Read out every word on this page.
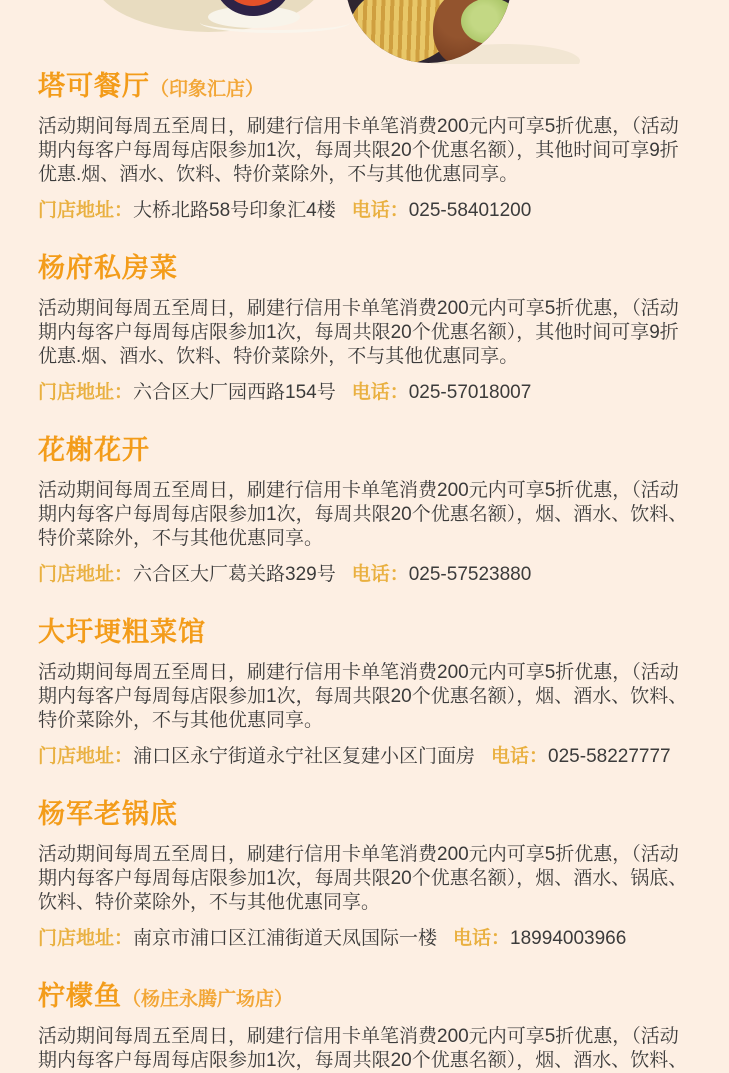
塔可餐厅（印象汇店）

活动期间每周五至周日，刷建行信用卡单笔消费200元内可享5折优惠，（活动期内每客户每周每店限参加1次，每周共限20个优惠名额），其他时间可享9折优惠.烟、酒水、饮料、特价菜除外，不与其他优惠同享。

门店地址：大桥北路58号印象汇4楼 电话：025-58401200

杨府私房菜

活动期间每周五至周日，刷建行信用卡单笔消费200元内可享5折优惠，（活动期内每客户每周每店限参加1次，每周共限20个优惠名额），其他时间可享9折优惠.烟、酒水、饮料、特价菜除外，不与其他优惠同享。

门店地址：六合区大厂园西路154号 电话：025-57018007

花榭花开

活动期间每周五至周日，刷建行信用卡单笔消费200元内可享5折优惠，（活动期内每客户每周每店限参加1次，每周共限20个优惠名额），烟、酒水、饮料、特价菜除外，不与其他优惠同享。

门店地址：六合区大厂葛关路329号 电话：025-57523880

大圩埂粗菜馆

活动期间每周五至周日，刷建行信用卡单笔消费200元内可享5折优惠，（活动期内每客户每周每店限参加1次，每周共限20个优惠名额），烟、酒水、饮料、特价菜除外，不与其他优惠同享。

门店地址：浦口区永宁街道永宁社区复建小区门面房 电话：025-58227777

杨军老锅底

活动期间每周五至周日，刷建行信用卡单笔消费200元内可享5折优惠，（活动期内每客户每周每店限参加1次，每周共限20个优惠名额），烟、酒水、锅底、饮料、特价菜除外，不与其他优惠同享。

门店地址：南京市浦口区江浦街道天凤国际一楼 电话：18994003966

柠檬鱼（杨庄永腾广场店）

活动期间每周五至周日，刷建行信用卡单笔消费200元内可享5折优惠，（活动期内每客户每周每店限参加1次，每周共限20个优惠名额），烟、酒水、饮料、
